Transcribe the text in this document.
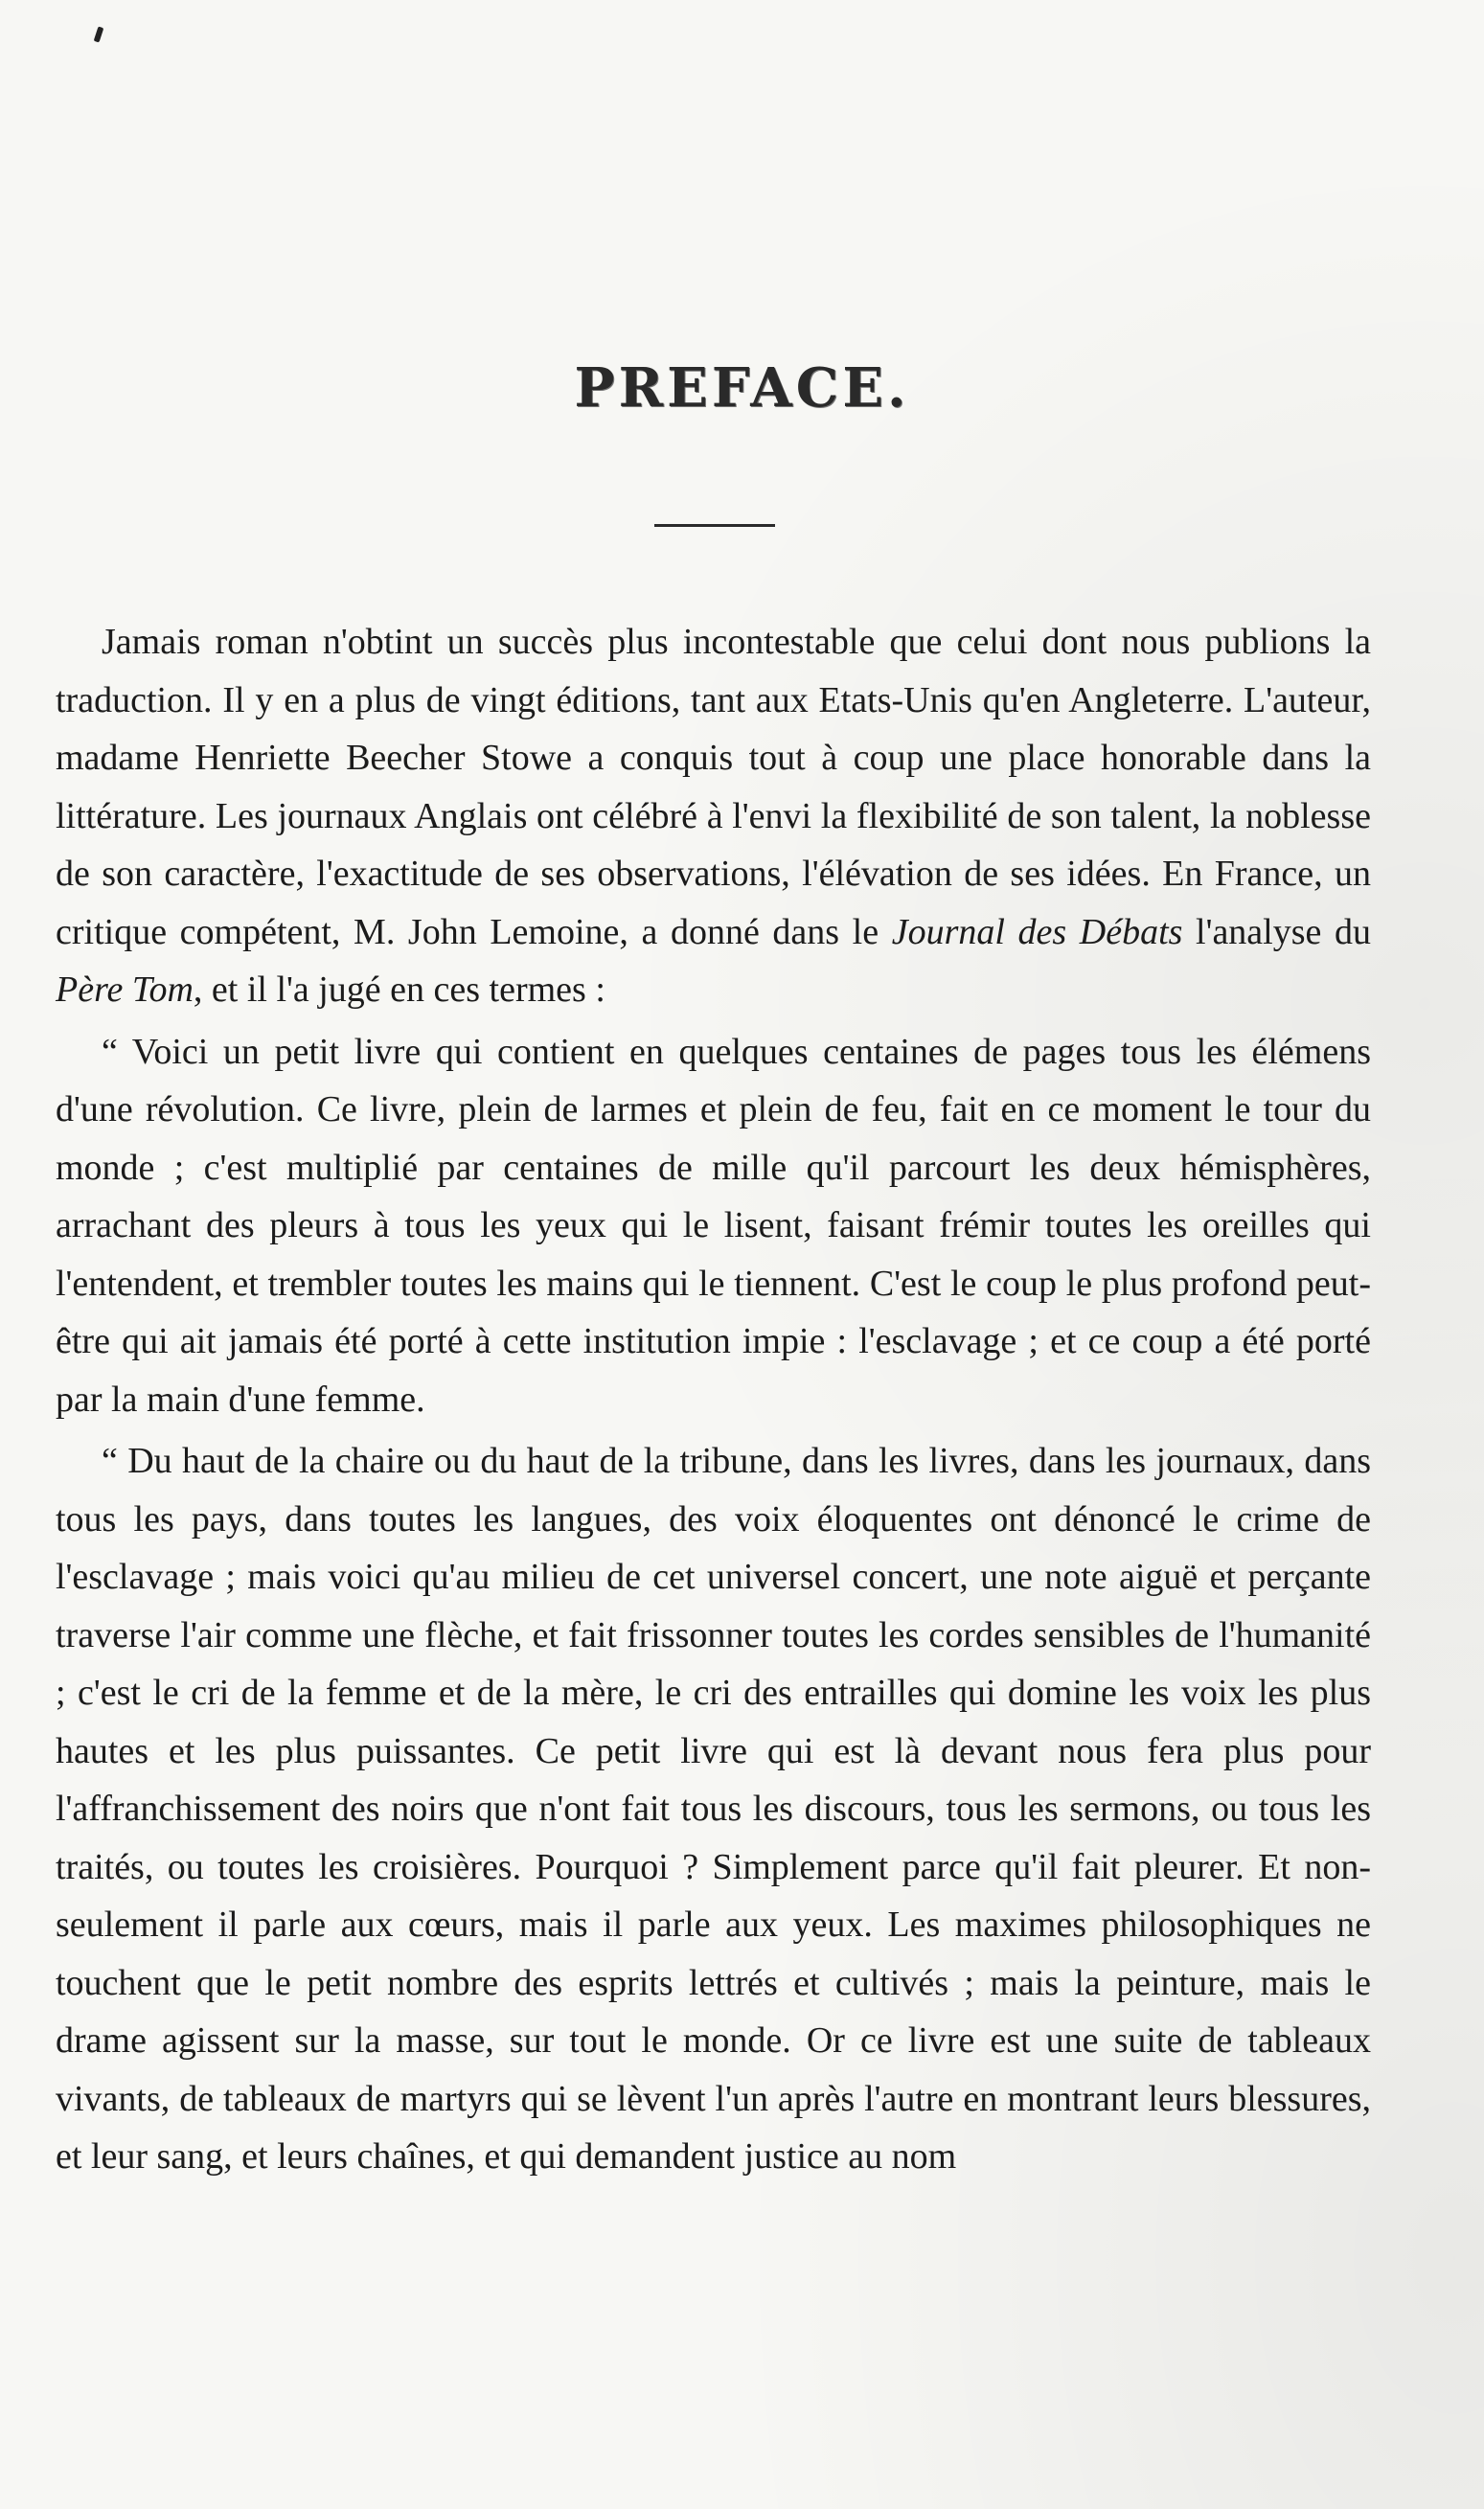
PREFACE.

Jamais roman n'obtint un succès plus incontestable que celui dont nous publions la traduction. Il y en a plus de vingt éditions, tant aux Etats-Unis qu'en Angleterre. L'auteur, madame Henriette Beecher Stowe a conquis tout à coup une place honorable dans la littérature. Les journaux Anglais ont célébré à l'envi la flexibilité de son talent, la noblesse de son caractère, l'exactitude de ses observations, l'élévation de ses idées. En France, un critique compétent, M. John Lemoine, a donné dans le Journal des Débats l'analyse du Père Tom, et il l'a jugé en ces termes :

“ Voici un petit livre qui contient en quelques centaines de pages tous les élémens d'une révolution. Ce livre, plein de larmes et plein de feu, fait en ce moment le tour du monde ; c'est multiplié par centaines de mille qu'il parcourt les deux hémisphères, arrachant des pleurs à tous les yeux qui le lisent, faisant frémir toutes les oreilles qui l'entendent, et trembler toutes les mains qui le tiennent. C'est le coup le plus profond peut-être qui ait jamais été porté à cette institution impie : l'esclavage ; et ce coup a été porté par la main d'une femme.

“ Du haut de la chaire ou du haut de la tribune, dans les livres, dans les journaux, dans tous les pays, dans toutes les langues, des voix éloquentes ont dénoncé le crime de l'esclavage ; mais voici qu'au milieu de cet universel concert, une note aiguë et perçante traverse l'air comme une flèche, et fait frissonner toutes les cordes sensibles de l'humanité ; c'est le cri de la femme et de la mère, le cri des entrailles qui domine les voix les plus hautes et les plus puissantes. Ce petit livre qui est là devant nous fera plus pour l'affranchissement des noirs que n'ont fait tous les discours, tous les sermons, ou tous les traités, ou toutes les croisières. Pourquoi ? Simplement parce qu'il fait pleurer. Et non-seulement il parle aux cœurs, mais il parle aux yeux. Les maximes philosophiques ne touchent que le petit nombre des esprits lettrés et cultivés ; mais la peinture, mais le drame agissent sur la masse, sur tout le monde. Or ce livre est une suite de tableaux vivants, de tableaux de martyrs qui se lèvent l'un après l'autre en montrant leurs blessures, et leur sang, et leurs chaînes, et qui demandent justice au nom
